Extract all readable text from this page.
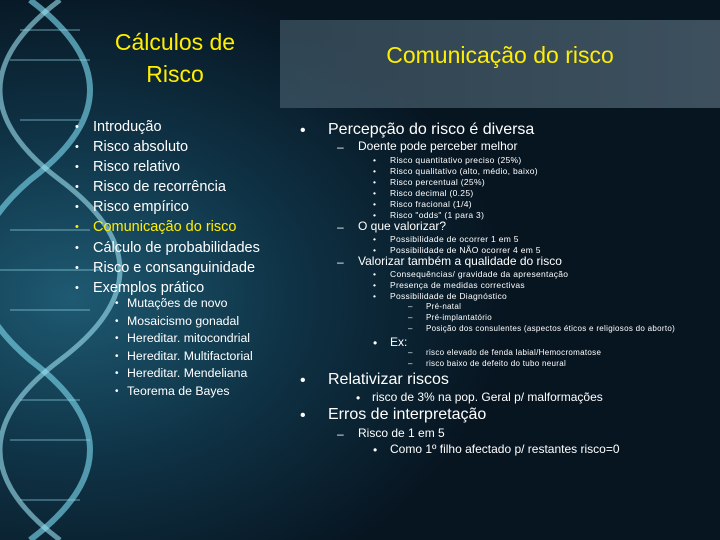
Cálculos de
Risco
Comunicação do risco
• Introdução
• Risco absoluto
• Risco relativo
• Risco de recorrência
• Risco empírico
• Comunicação do risco
• Cálculo de probabilidades
• Risco e consanguinidade
• Exemplos prático
• Mutações de novo
• Mosaicismo gonadal
• Hereditar. mitocondrial
• Hereditar. Multifactorial
• Hereditar. Mendeliana
• Teorema de Bayes
• Percepção do risco é diversa
– Doente pode perceber melhor
• Risco quantitativo preciso (25%)
• Risco qualitativo (alto, médio, baixo)
• Risco percentual (25%)
• Risco decimal (0.25)
• Risco fracional (1/4)
• Risco "odds" (1 para 3)
– O que valorizar?
• Possibilidade de ocorrer 1 em 5
• Possibilidade de NÃO ocorrer 4 em 5
– Valorizar também a qualidade do risco
• Consequências/ gravidade da apresentação
• Presença de medidas correctivas
• Possibilidade de Diagnóstico
– Pré-natal
– Pré-implantatório
– Posição dos consulentes (aspectos éticos e religiosos do aborto)
• Ex:
– risco elevado de fenda labial/Hemocromatose
– risco baixo de defeito do tubo neural
• Relativizar riscos
• risco de 3% na pop. Geral p/ malformações
• Erros de interpretação
– Risco de 1 em 5
• Como 1º filho afectado p/ restantes risco=0
